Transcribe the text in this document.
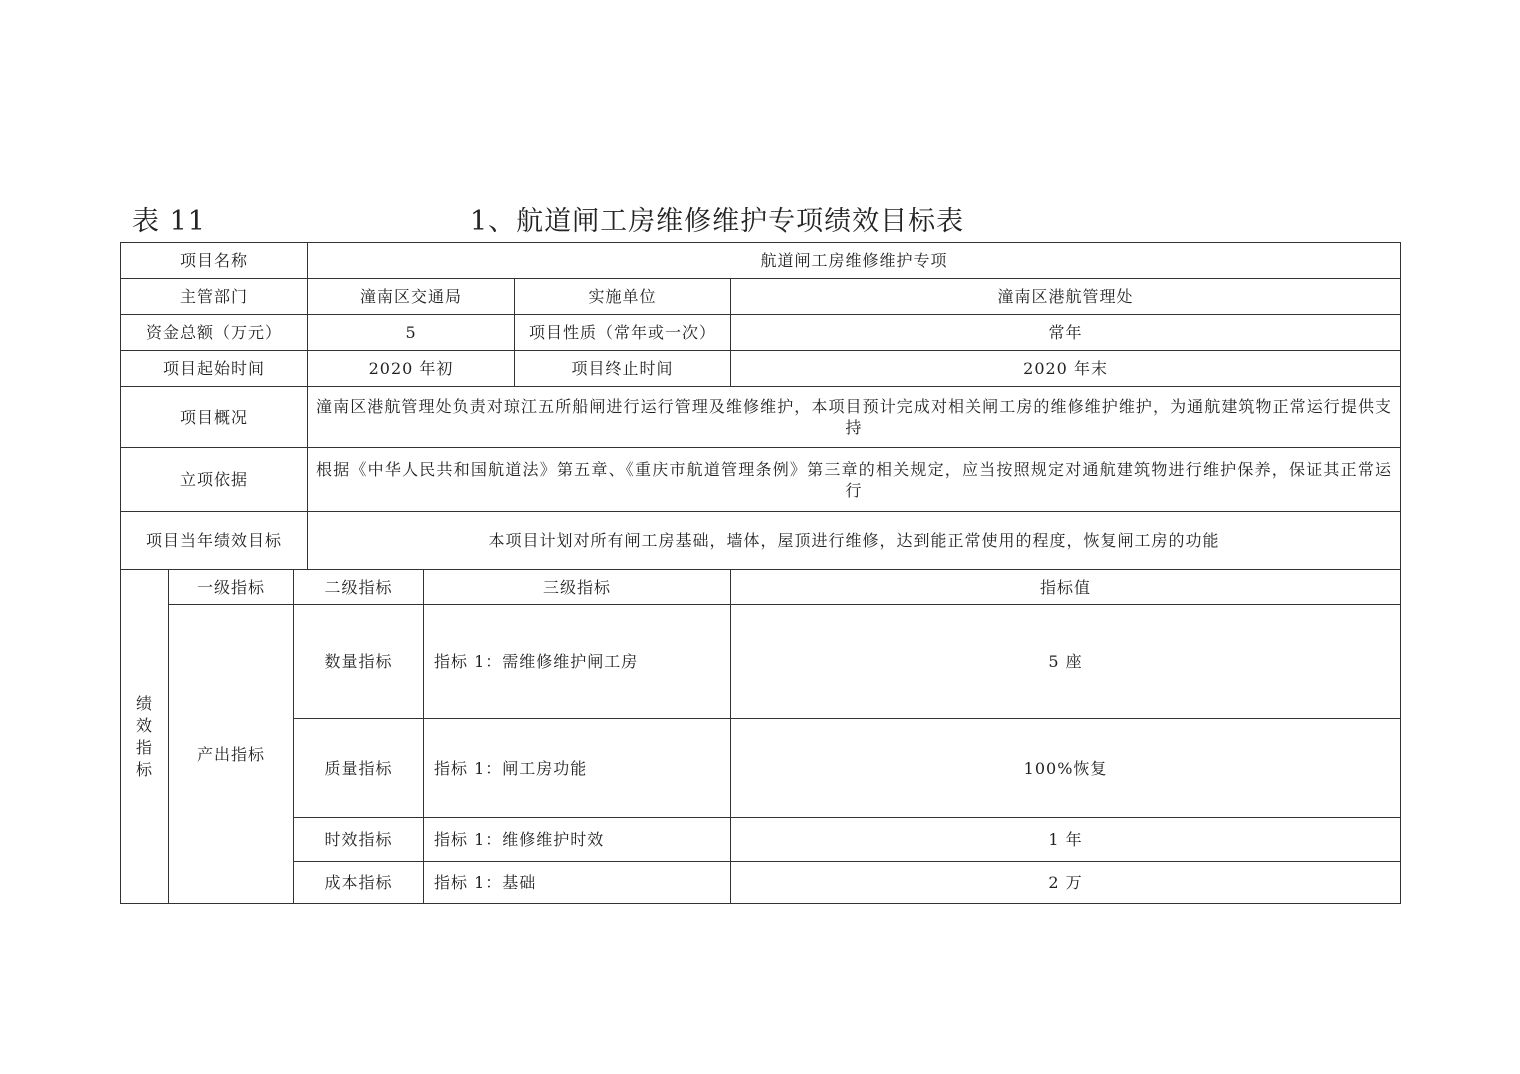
表 11	1、航道闸工房维修维护专项绩效目标表
项目名称			航道闸工房维修维护专项			
主管部门			潼南区交通局		实施单位	潼南区港航管理处
资金总额（万元）			5		项目性质（常年或一次）	常年
项目起始时间			2020 年初		项目终止时间	2020 年末
项目概况			潼南区港航管理处负责对琼江五所船闸进行运行管理及维修维护，本项目预计完成对相关闸工房的维修维护维护，为通航建筑物正常运行提供支持			
立项依据			根据《中华人民共和国航道法》第五章、《重庆市航道管理条例》第三章的相关规定，应当按照规定对通航建筑物进行维护保养，保证其正常运行			
项目当年绩效目标			本项目计划对所有闸工房基础，墙体，屋顶进行维修，达到能正常使用的程度，恢复闸工房的功能			
绩效指标	一级指标	二级指标		三级指标		指标值
	产出指标	数量指标		指标 1：需维修维护闸工房		5 座
		质量指标		指标 1：闸工房功能		100%恢复
		时效指标		指标 1：维修维护时效		1 年
		成本指标		指标 1：基础		2 万
